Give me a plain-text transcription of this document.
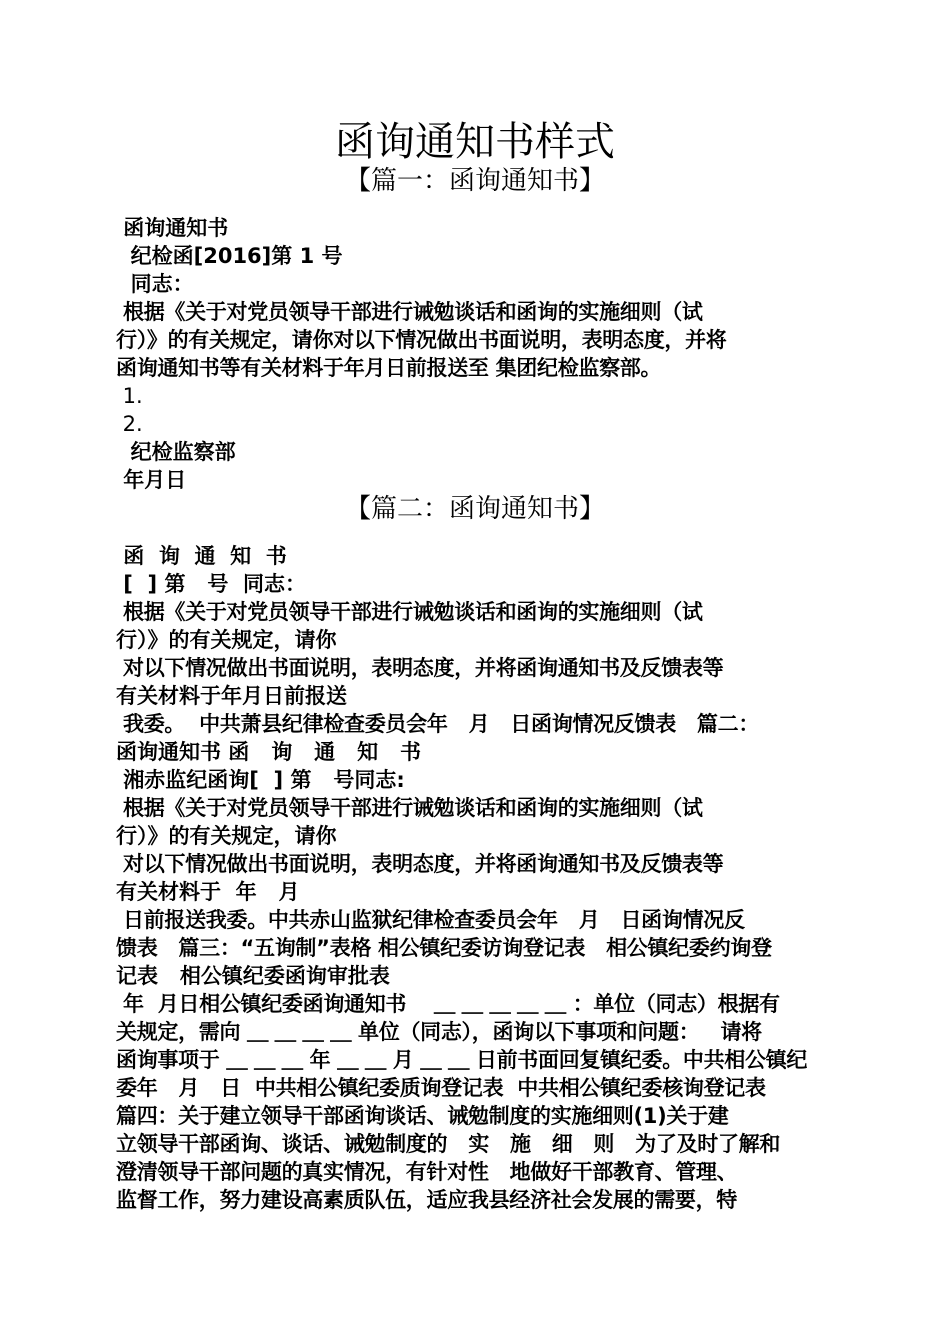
函询通知书样式
【篇一：函询通知书】
函询通知书
纪检函[2016]第 1 号
同志：
根据《关于对党员领导干部进行诫勉谈话和函询的实施细则（试
行）》的有关规定，请你对以下情况做出书面说明，表明态度，并将
函询通知书等有关材料于年月日前报送至 集团纪检监察部。
1.
2.
纪检监察部
年月日
【篇二：函询通知书】
函  询  通  知  书
[  ] 第   号  同志：
根据《关于对党员领导干部进行诫勉谈话和函询的实施细则（试
行）》的有关规定，请你
对以下情况做出书面说明，表明态度，并将函询通知书及反馈表等
有关材料于年月日前报送
我委。  中共萧县纪律检查委员会年   月   日函询情况反馈表   篇二：
函询通知书 函   询   通   知   书
湘赤监纪函询[  ] 第   号同志:
根据《关于对党员领导干部进行诫勉谈话和函询的实施细则（试
行）》的有关规定，请你
对以下情况做出书面说明，表明态度，并将函询通知书及反馈表等
有关材料于  年   月
日前报送我委。中共赤山监狱纪律检查委员会年   月   日函询情况反
馈表   篇三：“五询制”表格 相公镇纪委访询登记表   相公镇纪委约询登
记表   相公镇纪委函询审批表
年  月日相公镇纪委函询通知书    ＿ ＿ ＿ ＿ ＿ ：单位（同志）根据有
关规定，需向 ＿ ＿ ＿ ＿ 单位（同志），函询以下事项和问题：   请将
函询事项于 ＿ ＿ ＿ 年 ＿ ＿ 月 ＿ ＿ 日前书面回复镇纪委。中共相公镇纪
委年   月   日  中共相公镇纪委质询登记表  中共相公镇纪委核询登记表
篇四：关于建立领导干部函询谈话、诫勉制度的实施细则(1)关于建
立领导干部函询、谈话、诫勉制度的   实   施   细   则   为了及时了解和
澄清领导干部问题的真实情况，有针对性   地做好干部教育、管理、
监督工作，努力建设高素质队伍，适应我县经济社会发展的需要，特
